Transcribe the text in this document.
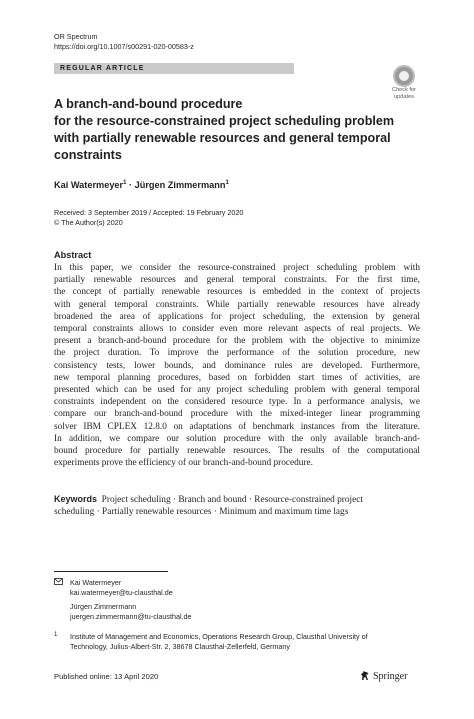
OR Spectrum
https://doi.org/10.1007/s00291-020-00583-z
REGULAR ARTICLE
Check for
updates
A branch-and-bound procedure
for the resource-constrained project scheduling problem
with partially renewable resources and general temporal
constraints
Kai Watermeyer$^1$ · Jürgen Zimmermann$^1$
Received: 3 September 2019 / Accepted: 19 February 2020
© The Author(s) 2020
Abstract
In this paper, we consider the resource-constrained project scheduling problem with
partially renewable resources and general temporal constraints. For the first time,
the concept of partially renewable resources is embedded in the context of projects
with general temporal constraints. While partially renewable resources have already
broadened the area of applications for project scheduling, the extension by general
temporal constraints allows to consider even more relevant aspects of real projects. We
present a branch-and-bound procedure for the problem with the objective to minimize
the project duration. To improve the performance of the solution procedure, new
consistency tests, lower bounds, and dominance rules are developed. Furthermore,
new temporal planning procedures, based on forbidden start times of activities, are
presented which can be used for any project scheduling problem with general temporal
constraints independent on the considered resource type. In a performance analysis, we
compare our branch-and-bound procedure with the mixed-integer linear programming
solver IBM CPLEX 12.8.0 on adaptations of benchmark instances from the literature.
In addition, we compare our solution procedure with the only available branch-and-
bound procedure for partially renewable resources. The results of the computational
experiments prove the efficiency of our branch-and-bound procedure.
Keywords Project scheduling · Branch and bound · Resource-constrained project
scheduling · Partially renewable resources · Minimum and maximum time lags
Kai Watermeyer
kai.watermeyer@tu-clausthal.de
Jürgen Zimmermann
juergen.zimmermann@tu-clausthal.de
1 Institute of Management and Economics, Operations Research Group, Clausthal University of
Technology, Julius-Albert-Str. 2, 38678 Clausthal-Zellerfeld, Germany
Published online: 13 April 2020	Springer
